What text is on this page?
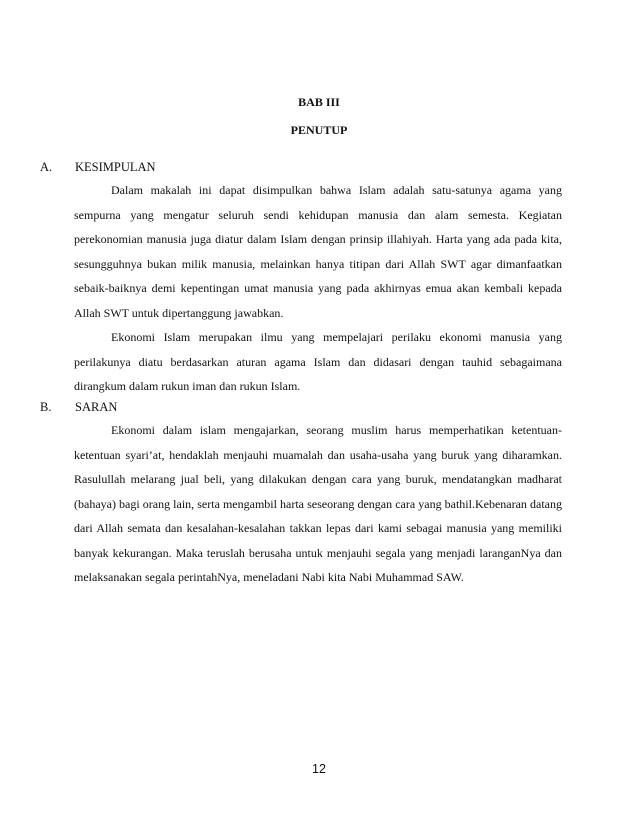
BAB III
PENUTUP
A. KESIMPULAN

Dalam makalah ini dapat disimpulkan bahwa Islam adalah satu-satunya agama yang sempurna yang mengatur seluruh sendi kehidupan manusia dan alam semesta. Kegiatan perekonomian manusia juga diatur dalam Islam dengan prinsip illahiyah. Harta yang ada pada kita, sesungguhnya bukan milik manusia, melainkan hanya titipan dari Allah SWT agar dimanfaatkan sebaik-baiknya demi kepentingan umat manusia yang pada akhirnyas emua akan kembali kepada Allah SWT untuk dipertanggung jawabkan.

Ekonomi Islam merupakan ilmu yang mempelajari perilaku ekonomi manusia yang perilakunya diatu berdasarkan aturan agama Islam dan didasari dengan tauhid sebagaimana dirangkum dalam rukun iman dan rukun Islam.

B. SARAN

Ekonomi dalam islam mengajarkan, seorang muslim harus memperhatikan ketentuan-ketentuan syari’at, hendaklah menjauhi muamalah dan usaha-usaha yang buruk yang diharamkan. Rasulullah melarang jual beli, yang dilakukan dengan cara yang buruk, mendatangkan madharat (bahaya) bagi orang lain, serta mengambil harta seseorang dengan cara yang bathil.Kebenaran datang dari Allah semata dan kesalahan-kesalahan takkan lepas dari kami sebagai manusia yang memiliki banyak kekurangan. Maka teruslah berusaha untuk menjauhi segala yang menjadi laranganNya dan melaksanakan segala perintahNya, meneladani Nabi kita Nabi Muhammad SAW.

12
